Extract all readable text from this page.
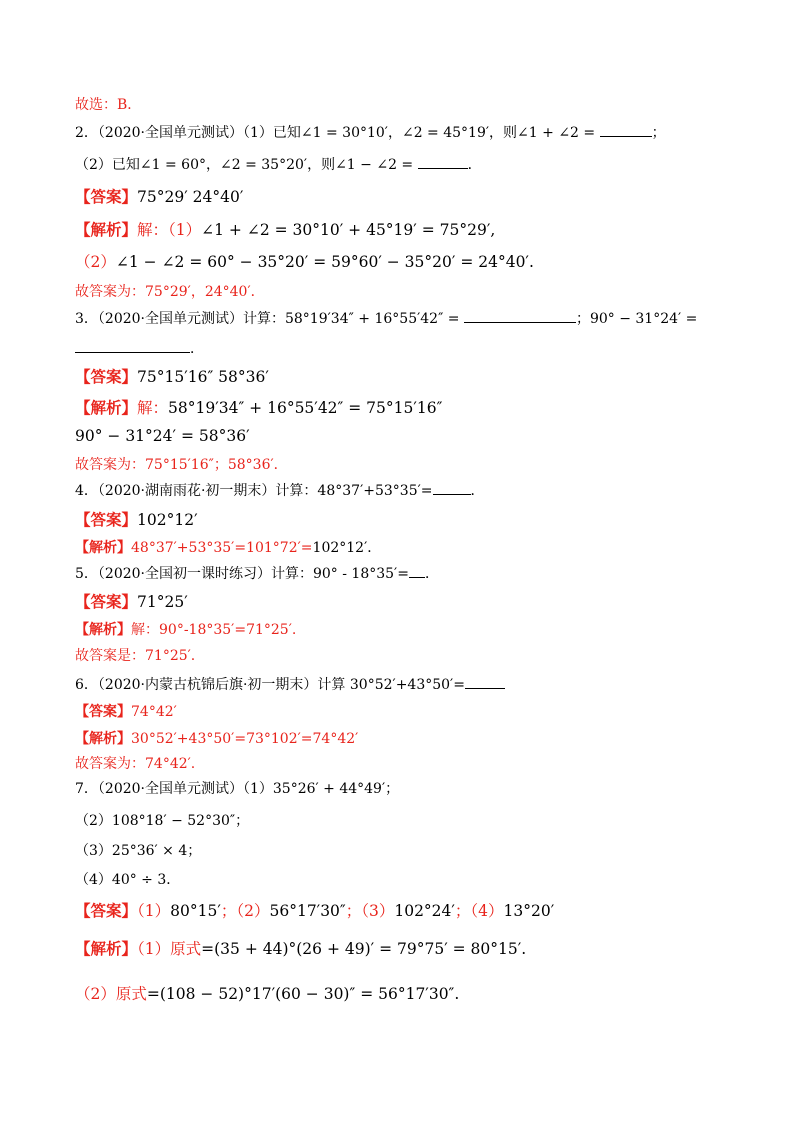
故选：B．
2．（2020·全国单元测试）（1）已知∠1 = 30°10′，∠2 = 45°19′，则∠1 + ∠2 =	；
（2）已知∠1 = 60°，∠2 = 35°20′，则∠1 − ∠2 =	．
【答案】75°29′ 24°40′
【解析】解：（1）∠1 + ∠2 = 30°10′ + 45°19′ = 75°29′,
（2）∠1 − ∠2 = 60° − 35°20′ = 59°60′ − 35°20′ = 24°40′.
故答案为：75°29′，24°40′．
3．（2020·全国单元测试）计算：58°19′34″ + 16°55′42″ =	；90° − 31°24′ =
．
【答案】75°15′16″ 58°36′
【解析】解：58°19′34″ + 16°55′42″ = 75°15′16″
90° − 31°24′ = 58°36′
故答案为：75°15′16″；58°36′．
4．（2020·湖南雨花·初一期末）计算：48°37′+53°35′=	．
【答案】102°12′
【解析】48°37′+53°35′=101°72′=102°12′．
5．（2020·全国初一课时练习）计算：90° - 18°35′= ．
【答案】71°25′
【解析】解：90°-18°35′=71°25′.
故答案是：71°25′.
6．（2020·内蒙古杭锦后旗·初一期末）计算 30°52′+43°50′=
【答案】74°42′
【解析】30°52′+43°50′=73°102′=74°42′
故答案为：74°42′.
7．（2020·全国单元测试）（1）35°26′ + 44°49′；
（2）108°18′ − 52°30″；
（3）25°36′ × 4；
（4）40° ÷ 3．
【答案】（1）80°15′；（2）56°17′30″；（3）102°24′；（4）13°20′
【解析】（1）原式=(35 + 44)°(26 + 49)′ = 79°75′ = 80°15′.
（2）原式=(108 − 52)°17′(60 − 30)″ = 56°17′30″.
